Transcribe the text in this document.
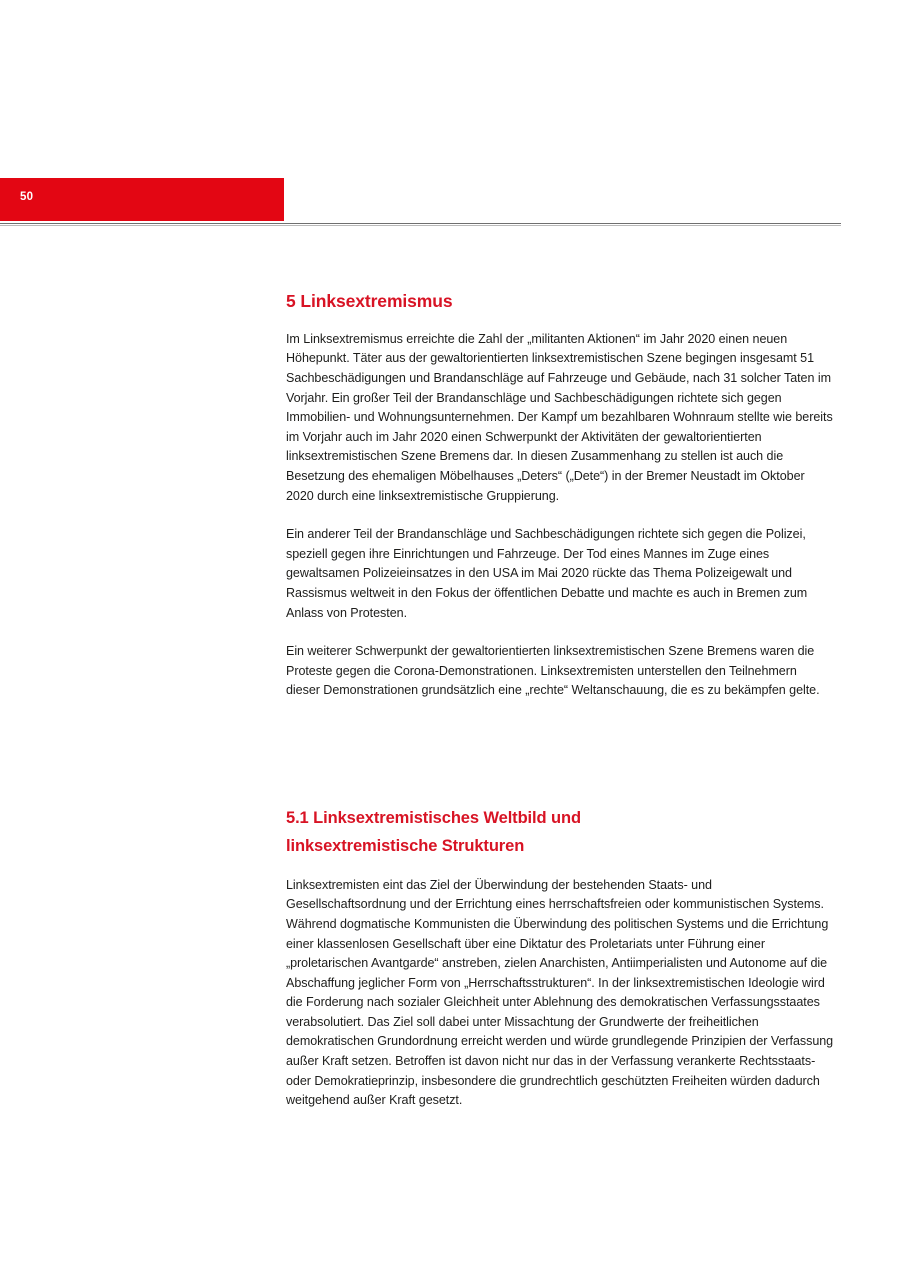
50
5 Linksextremismus

Im Linksextremismus erreichte die Zahl der „militanten Aktionen“ im Jahr 2020 einen neuen Höhepunkt. Täter aus der gewaltorientierten linksextremistischen Szene begingen insgesamt 51 Sachbeschädigungen und Brandanschläge auf Fahrzeuge und Gebäude, nach 31 solcher Taten im Vorjahr. Ein großer Teil der Brandanschläge und Sachbeschädigungen richtete sich gegen Immobilien- und Wohnungsunternehmen. Der Kampf um bezahlbaren Wohnraum stellte wie bereits im Vorjahr auch im Jahr 2020 einen Schwerpunkt der Aktivitäten der gewaltorientierten linksextremistischen Szene Bremens dar. In diesen Zusammenhang zu stellen ist auch die Besetzung des ehemaligen Möbelhauses „Deters“ („Dete“) in der Bremer Neustadt im Oktober 2020 durch eine linksextremistische Gruppierung.

Ein anderer Teil der Brandanschläge und Sachbeschädigungen richtete sich gegen die Polizei, speziell gegen ihre Einrichtungen und Fahrzeuge. Der Tod eines Mannes im Zuge eines  gewaltsamen Polizeieinsatzes in den USA im Mai 2020 rückte das Thema Polizeigewalt und Rassismus weltweit in den Fokus der öffentlichen Debatte und machte es auch in Bremen zum Anlass von Protesten.

Ein weiterer Schwerpunkt der gewaltorientierten linksextremistischen Szene Bremens waren die Proteste gegen die Corona-Demonstrationen. Linksextremisten unterstellen den Teilnehmern dieser Demonstrationen grundsätzlich eine „rechte“ Weltanschauung, die es zu bekämpfen gelte.

5.1 Linksextremistisches Weltbild und linksextremistische Strukturen

Linksextremisten eint das Ziel der Überwindung der bestehenden Staats- und Gesellschaftsordnung und der Errichtung eines herrschaftsfreien oder kommunistischen Systems. Während dogmatische Kommunisten die Überwindung des politischen Systems und die Errichtung einer klassenlosen Gesellschaft über eine Diktatur des Proletariats unter Führung einer „proletarischen Avantgarde“ anstreben, zielen Anarchisten, Antiimperialisten und Autonome auf die Abschaffung jeglicher Form von „Herrschaftsstrukturen“. In der linksextremistischen Ideologie wird die Forderung nach sozialer Gleichheit unter Ablehnung des demokratischen Verfassungsstaates verabsolutiert. Das Ziel soll dabei unter Missachtung der Grundwerte der freiheitlichen demokratischen Grundordnung erreicht werden und würde grundlegende Prinzipien der Verfassung außer Kraft setzen. Betroffen ist davon nicht nur das in der Verfassung verankerte Rechtsstaats- oder Demokratieprinzip, insbesondere die grundrechtlich geschützten Freiheiten würden dadurch weitgehend außer Kraft gesetzt.
